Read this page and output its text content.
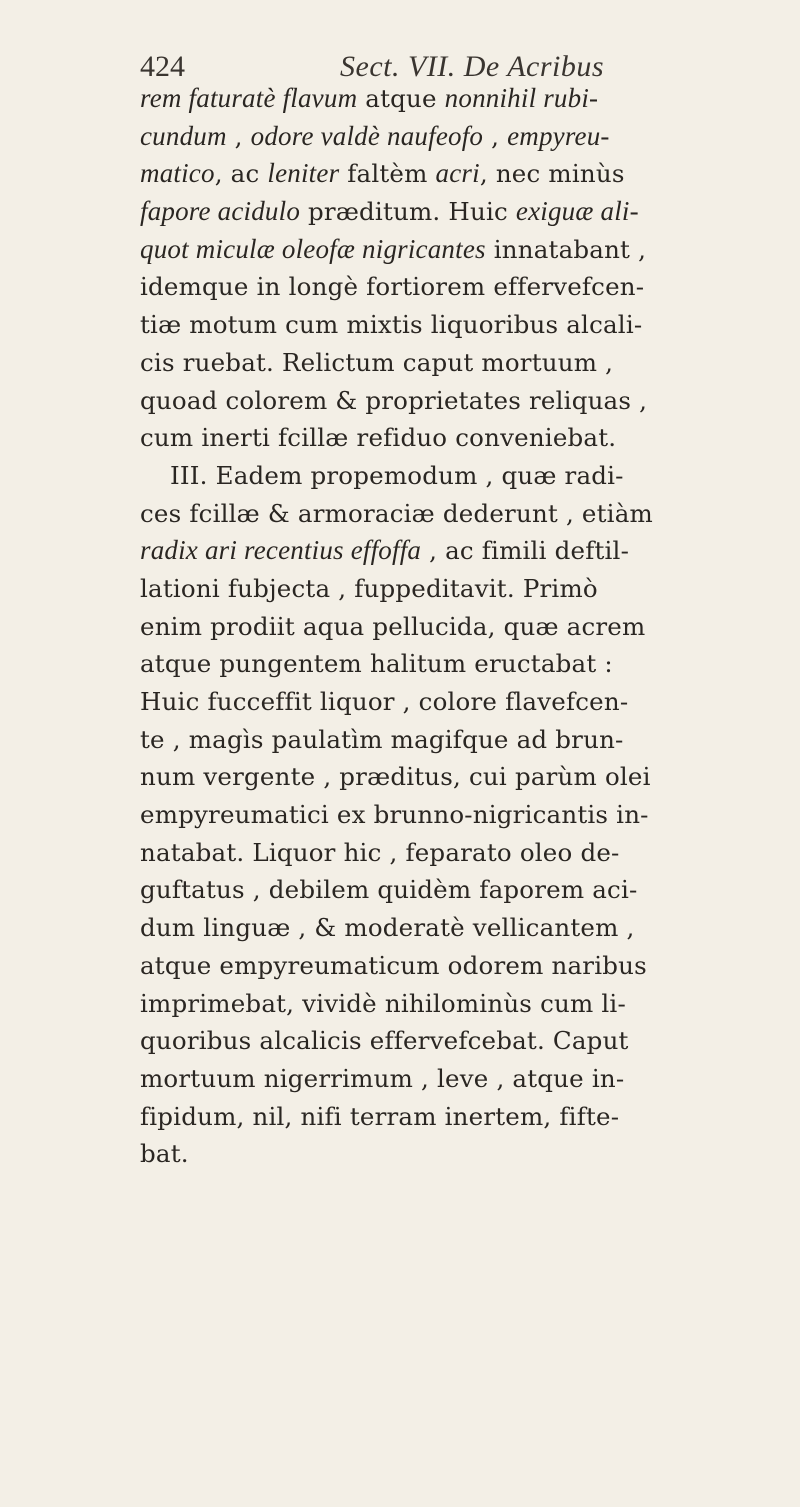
424	Sect. VII. De Acribus
rem faturatè flavum atque nonnihil rubi-
cundum , odore valdè naufeofo , empyreu-
matico, ac leniter faltèm acri, nec minùs
fapore acidulo præditum. Huic exiguæ ali-
quot miculæ oleofæ nigricantes innatabant ,
idemque in longè fortiorem effervefcen-
tiæ motum cum mixtis liquoribus alcali-
cis ruebat. Relictum caput mortuum ,
quoad colorem & proprietates reliquas ,
cum inerti fcillæ refiduo conveniebat.
III. Eadem propemodum , quæ radi-
ces fcillæ & armoraciæ dederunt , etiàm
radix ari recentius effoffa , ac fimili deftil-
lationi fubjecta , fuppeditavit. Primò
enim prodiit aqua pellucida, quæ acrem
atque pungentem halitum eructabat :
Huic fucceffit liquor , colore flavefcen-
te , magìs paulatìm magifque ad brun-
num vergente , præditus, cui parùm olei
empyreumatici ex brunno-nigricantis in-
natabat. Liquor hic , feparato oleo de-
guftatus , debilem quidèm faporem aci-
dum linguæ , & moderatè vellicantem ,
atque empyreumaticum odorem naribus
imprimebat, vividè nihilominùs cum li-
quoribus alcalicis effervefcebat. Caput
mortuum nigerrimum , leve , atque in-
fipidum, nil, nifi terram inertem, fifte-
bat.
